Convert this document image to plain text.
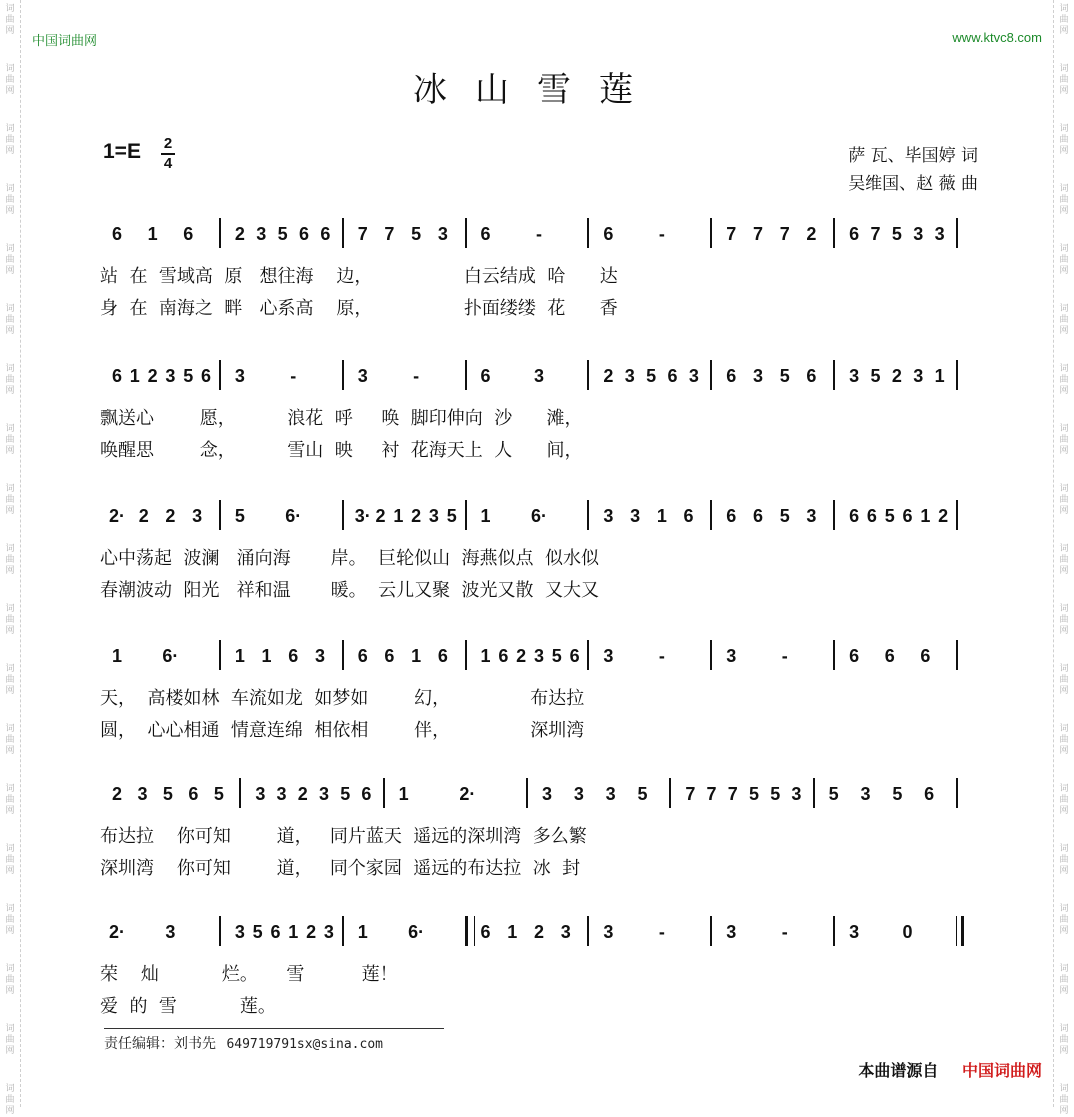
词
曲
网
词
曲
网
词
曲
网
词
曲
网
词
曲
网
词
曲
网
词
曲
网
词
曲
网
词
曲
网
词
曲
网
词
曲
网
词
曲
网
词
曲
网
词
曲
网
词
曲
网
词
曲
网
词
曲
网
词
曲
网
词
曲
网
词
曲
网
词
曲
网
词
曲
网
词
曲
网
词
曲
网
词
曲
网
词
曲
网
词
曲
网
词
曲
网
词
曲
网
词
曲
网
词
曲
网
词
曲
网
词
曲
网
词
曲
网
词
曲
网
词
曲
网
词
曲
网
词
曲
网
中国词曲网	www.ktvc8.com
冰山雪莲
1=E 2
4	萨 瓦、毕国婷 词
吴维国、赵 薇 曲
6 1 6 2 3 5 6 6 7 7 5 3 6	-	6	-	7 7 7 2 6 7 5 3 3
站  在  雪域高  原   想往海    边，                白云结成  哈      达
身  在  南海之  畔   心系高    原，                扑面缕缕  花      香
6 1 2 3 5 6 3	-	3	-	6 3	2 3 5 6 3 6 3 5 6 3 5 2 3 1
飘送心        愿，         浪花  呼     唤  脚印伸向  沙      滩，
唤醒思        念，         雪山  映     衬  花海天上  人      间，
2· 2 2 3 5 6·	3· 2 1 2 3 5 1 6·	3 3 1 6 6 6 5 3 6 6 5 6 1 2
心中荡起  波澜   涌向海       岸。  巨轮似山  海燕似点  似水似
春潮波动  阳光   祥和温       暖。  云儿又聚  波光又散  又大又
1 6·	1 1 6 3 6 6 1 6 1 6 2 3 5 6 3	-	3	-	6 6 6
天，  高楼如林  车流如龙  如梦如        幻，              布达拉
圆，  心心相通  情意连绵  相依相        伴，              深圳湾
2 3 5 6 5 3 3 2 3 5 6 1	2·	3 3 3 5 7 7 7 5 5 3 5 3 5 6
布达拉    你可知        道，   同片蓝天  遥远的深圳湾  多么繁
深圳湾    你可知        道，   同个家园  遥远的布达拉  冰  封
2· 3	3 5 6 1 2 3 1 6·	6 1 2 3 3	-	3	-	3 0
荣    灿           烂。     雪          莲！
爱  的  雪           莲。
责任编辑：刘书先 649719791sx@sina.com
本曲谱源自 中国词曲网
